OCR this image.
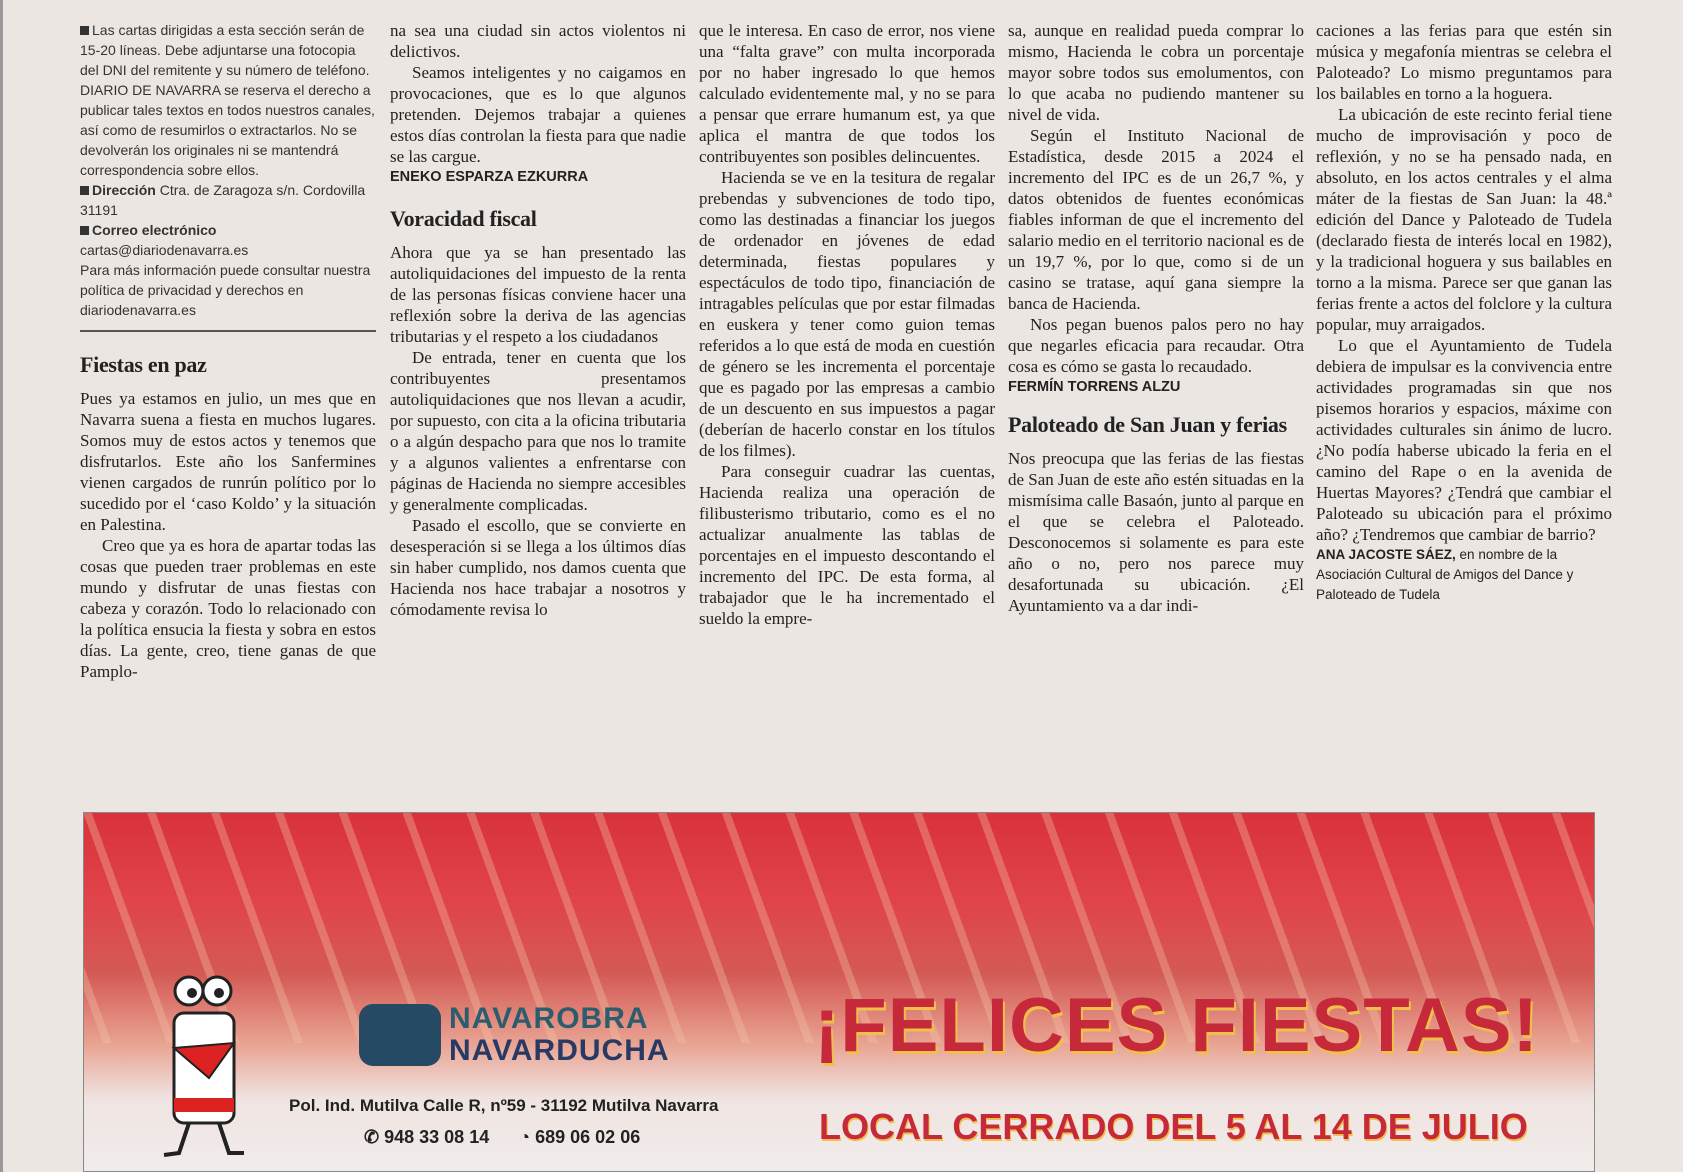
Las cartas dirigidas a esta sección serán de 15-20 líneas. Debe adjuntarse una fotocopia del DNI del remitente y su número de teléfono. DIARIO DE NAVARRA se reserva el derecho a publicar tales textos en todos nuestros canales, así como de resumirlos o extractarlos. No se devolverán los originales ni se mantendrá correspondencia sobre ellos.
Dirección Ctra. de Zaragoza s/n. Cordovilla 31191
Correo electrónico
cartas@diariodenavarra.es
Para más información puede consultar nuestra política de privacidad y derechos en diariodenavarra.es
Fiestas en paz

Pues ya estamos en julio, un mes que en Navarra suena a fiesta en muchos lugares. Somos muy de estos actos y tenemos que disfrutarlos. Este año los Sanfermines vienen cargados de runrún político por lo sucedido por el ‘caso Koldo’ y la situación en Palestina.

Creo que ya es hora de apartar todas las cosas que pueden traer problemas en este mundo y disfrutar de unas fiestas con cabeza y corazón. Todo lo relacionado con la política ensucia la fiesta y sobra en estos días. La gente, creo, tiene ganas de que Pamplo-

na sea una ciudad sin actos violentos ni delictivos.

Seamos inteligentes y no caigamos en provocaciones, que es lo que algunos pretenden. Dejemos trabajar a quienes estos días controlan la fiesta para que nadie se las cargue.

ENEKO ESPARZA EZKURRA
Voracidad fiscal

Ahora que ya se han presentado las autoliquidaciones del impuesto de la renta de las personas físicas conviene hacer una reflexión sobre la deriva de las agencias tributarias y el respeto a los ciudadanos

De entrada, tener en cuenta que los contribuyentes presentamos autoliquidaciones que nos llevan a acudir, por supuesto, con cita a la oficina tributaria o a algún despacho para que nos lo tramite y a algunos valientes a enfrentarse con páginas de Hacienda no siempre accesibles y generalmente complicadas.

Pasado el escollo, que se convierte en desesperación si se llega a los últimos días sin haber cumplido, nos damos cuenta que Hacienda nos hace trabajar a nosotros y cómodamente revisa lo

que le interesa. En caso de error, nos viene una “falta grave” con multa incorporada por no haber ingresado lo que hemos calculado evidentemente mal, y no se para a pensar que errare humanum est, ya que aplica el mantra de que todos los contribuyentes son posibles delincuentes.

Hacienda se ve en la tesitura de regalar prebendas y subvenciones de todo tipo, como las destinadas a financiar los juegos de ordenador en jóvenes de edad determinada, fiestas populares y espectáculos de todo tipo, financiación de intragables películas que por estar filmadas en euskera y tener como guion temas referidos a lo que está de moda en cuestión de género se les incrementa el porcentaje que es pagado por las empresas a cambio de un descuento en sus impuestos a pagar (deberían de hacerlo constar en los títulos de los filmes).

Para conseguir cuadrar las cuentas, Hacienda realiza una operación de filibusterismo tributario, como es el no actualizar anualmente las tablas de porcentajes en el impuesto descontando el incremento del IPC. De esta forma, al trabajador que le ha incrementado el sueldo la empre-

sa, aunque en realidad pueda comprar lo mismo, Hacienda le cobra un porcentaje mayor sobre todos sus emolumentos, con lo que acaba no pudiendo mantener su nivel de vida.

Según el Instituto Nacional de Estadística, desde 2015 a 2024 el incremento del IPC es de un 26,7 %, y datos obtenidos de fuentes económicas fiables informan de que el incremento del salario medio en el territorio nacional es de un 19,7 %, por lo que, como si de un casino se tratase, aquí gana siempre la banca de Hacienda.

Nos pegan buenos palos pero no hay que negarles eficacia para recaudar. Otra cosa es cómo se gasta lo recaudado.

FERMÍN TORRENS ALZU
Paloteado de San Juan y ferias

Nos preocupa que las ferias de las fiestas de San Juan de este año estén situadas en la mismísima calle Basaón, junto al parque en el que se celebra el Paloteado. Desconocemos si solamente es para este año o no, pero nos parece muy desafortunada su ubicación. ¿El Ayuntamiento va a dar indi-

caciones a las ferias para que estén sin música y megafonía mientras se celebra el Paloteado? Lo mismo preguntamos para los bailables en torno a la hoguera.

La ubicación de este recinto ferial tiene mucho de improvisación y poco de reflexión, y no se ha pensado nada, en absoluto, en los actos centrales y el alma máter de la fiestas de San Juan: la 48.ª edición del Dance y Paloteado de Tudela (declarado fiesta de interés local en 1982), y la tradicional hoguera y sus bailables en torno a la misma. Parece ser que ganan las ferias frente a actos del folclore y la cultura popular, muy arraigados.

Lo que el Ayuntamiento de Tudela debiera de impulsar es la convivencia entre actividades programadas sin que nos pisemos horarios y espacios, máxime con actividades culturales sin ánimo de lucro. ¿No podía haberse ubicado la feria en el camino del Rape o en la avenida de Huertas Mayores? ¿Tendrá que cambiar el Paloteado su ubicación para el próximo año? ¿Tendremos que cambiar de barrio?

ANA JACOSTE SÁEZ, en nombre de la Asociación Cultural de Amigos del Dance y Paloteado de Tudela
NAVAROBRA
NAVARDUCHA
Pol. Ind. Mutilva Calle R, nº59 - 31192 Mutilva Navarra
✆ 948 33 08 14 ◔ 689 06 02 06
¡FELICES FIESTAS!
LOCAL CERRADO DEL 5 AL 14 DE JULIO
